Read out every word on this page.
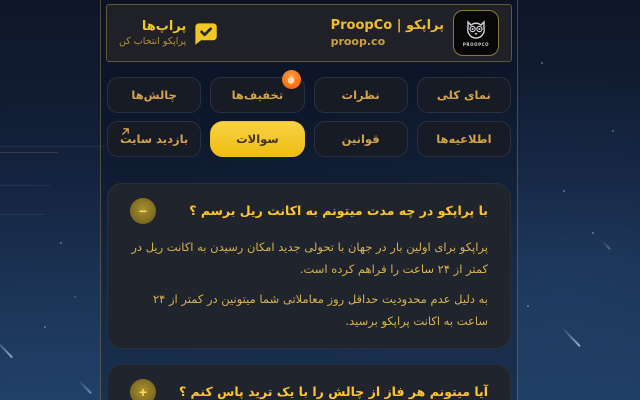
PROOPCO
پراپکو | ProopCo
proop.co
پراپ‌ها
پراپکو انتخاب کن
نمای کلی
نظرات
تخفیف‌ها
چالش‌ها
اطلاعیه‌ها
قوانین
سوالات
بازدید سایت
با پراپکو در چه مدت میتونم به اکانت ریل برسم ؟
−

پراپکو برای اولین بار در جهان با تحولی جدید امکان رسیدن به اکانت ریل در کمتر از ۲۴ ساعت را فراهم کرده است.

به دلیل عدم محدودیت حداقل روز معاملاتی شما میتونین در کمتر از ۲۴ ساعت به اکانت پراپکو برسید.

آیا میتونم هر فاز از چالش را با یک ترید پاس کنم ؟
+
